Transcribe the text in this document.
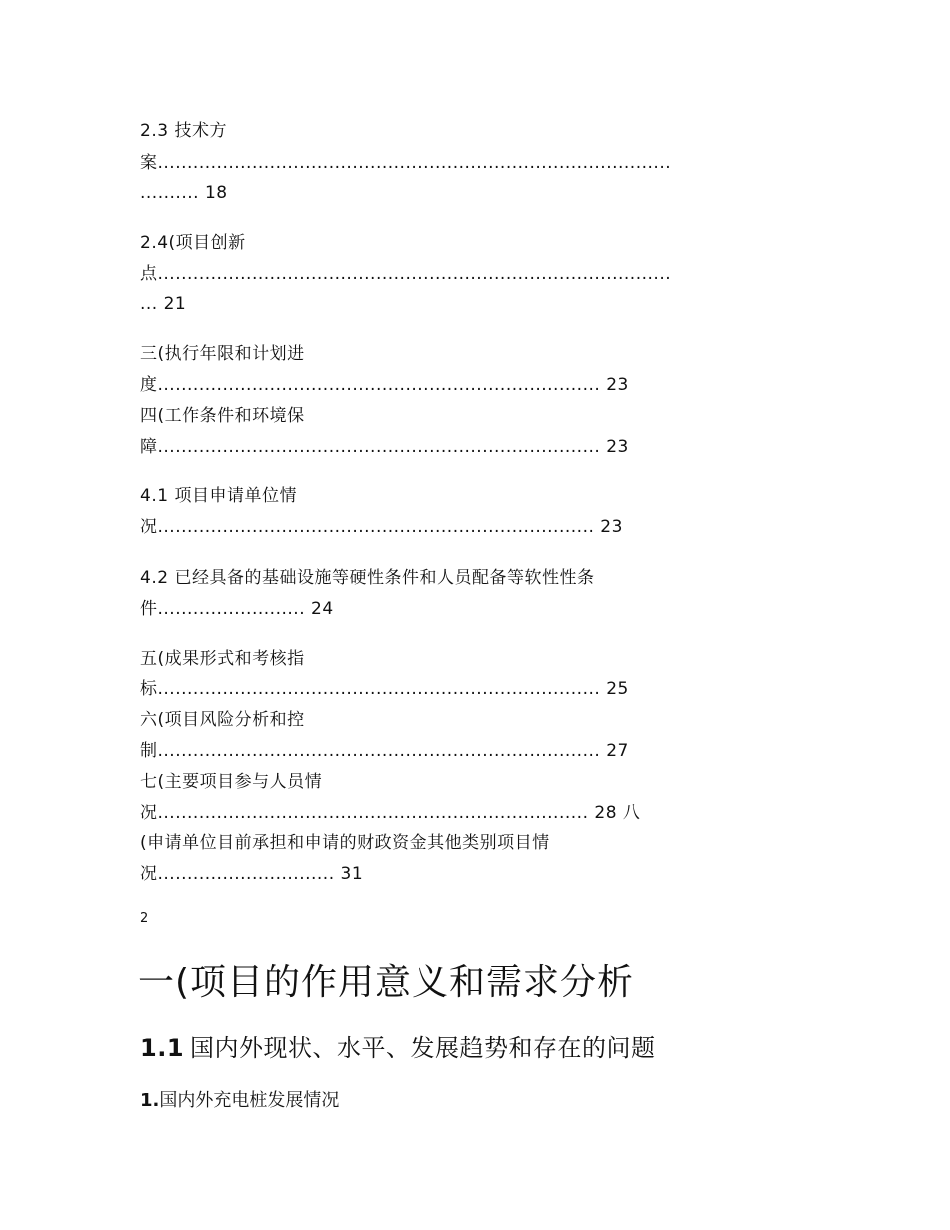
2.3 技术方
案.......................................................................................
.......... 18
2.4(项目创新
点.......................................................................................
... 21
三(执行年限和计划进
度........................................................................... 23
四(工作条件和环境保
障........................................................................... 23
4.1 项目申请单位情
况.......................................................................... 23
4.2 已经具备的基础设施等硬性条件和人员配备等软性性条
件......................... 24
五(成果形式和考核指
标........................................................................... 25
六(项目风险分析和控
制........................................................................... 27
七(主要项目参与人员情
况......................................................................... 28 八
(申请单位目前承担和申请的财政资金其他类别项目情
况.............................. 31
2
一(项目的作用意义和需求分析
1.1 国内外现状、水平、发展趋势和存在的问题
1.国内外充电桩发展情况
